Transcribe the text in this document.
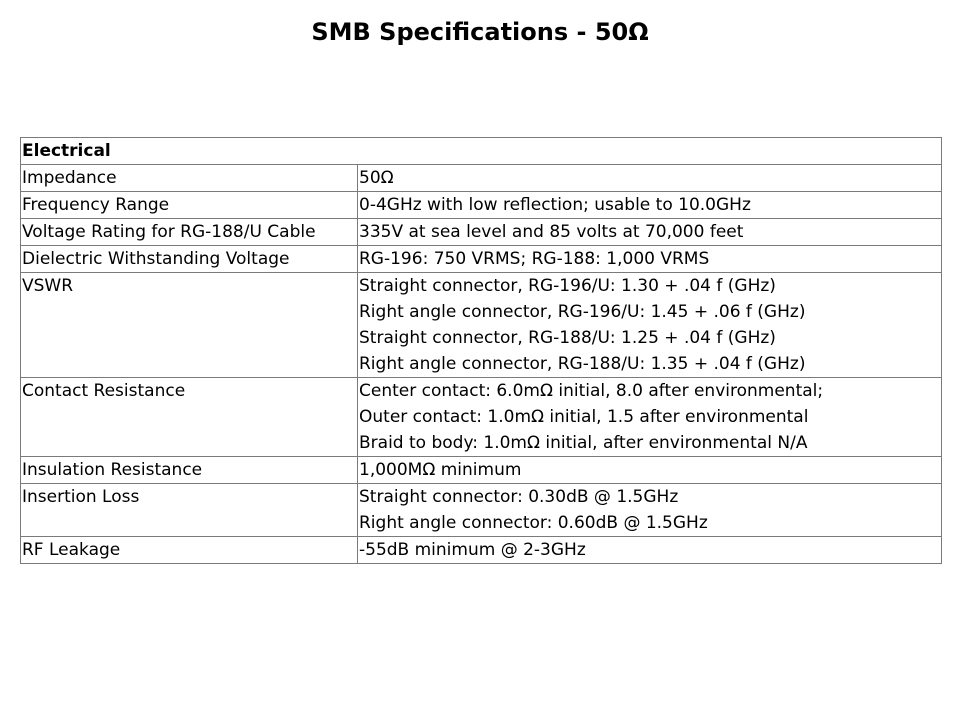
SMB Specifications - 50Ω
Electrical	
Impedance	50Ω

Frequency Range	0-4GHz with low reflection; usable to 10.0GHz

Voltage Rating for RG-188/U Cable	335V at sea level and 85 volts at 70,000 feet

Dielectric Withstanding Voltage	RG-196: 750 VRMS; RG-188: 1,000 VRMS

VSWR	Straight connector, RG-196/U: 1.30 + .04 f (GHz)
Right angle connector, RG-196/U: 1.45 + .06 f (GHz)
Straight connector, RG-188/U: 1.25 + .04 f (GHz)
Right angle connector, RG-188/U: 1.35 + .04 f (GHz)

Contact Resistance	Center contact: 6.0mΩ initial, 8.0 after environmental;
Outer contact: 1.0mΩ initial, 1.5 after environmental
Braid to body: 1.0mΩ initial, after environmental N/A

Insulation Resistance	1,000MΩ minimum

Insertion Loss	Straight connector: 0.30dB @ 1.5GHz
Right angle connector: 0.60dB @ 1.5GHz

RF Leakage	-55dB minimum @ 2-3GHz
